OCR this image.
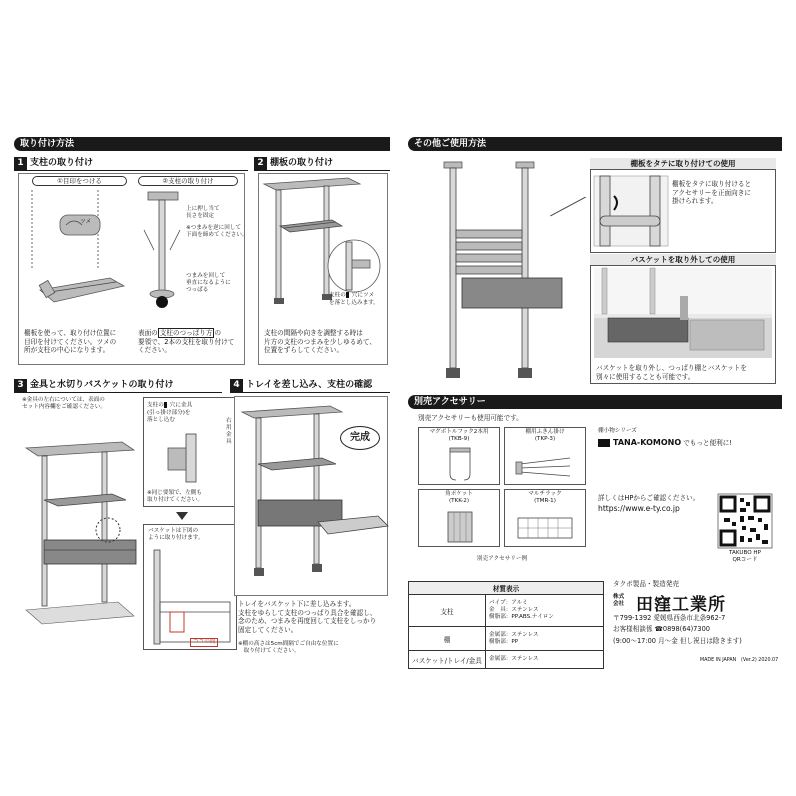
取り付け方法
1 支柱の取り付け
①目印をつける	②支柱の取り付け
ツメ
上に押し当て
長さを固定
※つまみを逆に回して
下面を締めてください。
つまみを回して
垂直になるように
つっぱる
棚板を使って、取り付け位置に
目印を付けてください。ツメの
所が支柱の中心になります。
表面の 支柱のつっぱり方 の
要領で、2本の支柱を取り付けて
ください。
2 棚板の取り付け
支柱の 穴にツメ
を落とし込みます。
支柱の間隔や向きを調整する時は
片方の支柱のつまみを少しゆるめて、
位置をずらしてください。
3 金具と水切りバスケットの取り付け
※金具の左右については、表面の
セット内容欄をご確認ください。	支柱の 穴に金具
(引っ掛け部分)を
落とし込む	右用金具
※同じ要領で、左側も
取り付けてください。
バスケットは下図の
ように取り付けます。
ココの間
4 トレイを差し込み、支柱の確認
完成
トレイをバスケット下に差し込みます。
支柱をゆらして支柱のつっぱり具合を確認し、
念のため、つまみを再度回して支柱をしっかり
固定してください。
※棚の高さは5cm間隔でご自由な位置に
　取り付けてください。
その他ご使用方法
棚板をタテに取り付けての使用
棚板をタテに取り付けると
アクセサリーを正面向きに
掛けられます。
バスケットを取り外しての使用
バスケットを取り外し、つっぱり棚とバスケットを
別々に使用することも可能です。
別売アクセサリー
別売アクセサリーも使用可能です。
マグボトルフック2本用
(TKB-9)
棚用ふきん掛け
(TKP-3)
角ポケット
(TKK-2)
マルチラック
(TMR-1)
別売アクセサリー例
棚小物シリーズ
TANA-KOMONO でもっと便利に!
詳しくはHPからご確認ください。
https://www.e-ty.co.jp
TAKUBO HP
QRコード
材質表示	
支柱	パイプ：アルミ
金　具：ステンレス
樹脂部：PP.ABS.ナイロン
棚	金属部：ステンレス
樹脂部：PP
バスケット/トレイ/金具	金属部：ステンレス
タクボ製品・製造発売
株式
会社 田窪工業所
〒799-1392 愛媛県西条市北条962-7
お客様相談係 ☎0898(64)7300
(9:00〜17:00 月〜金 但し祝日は除きます)
MADE IN JAPAN　(Ver.2) 2020.07
